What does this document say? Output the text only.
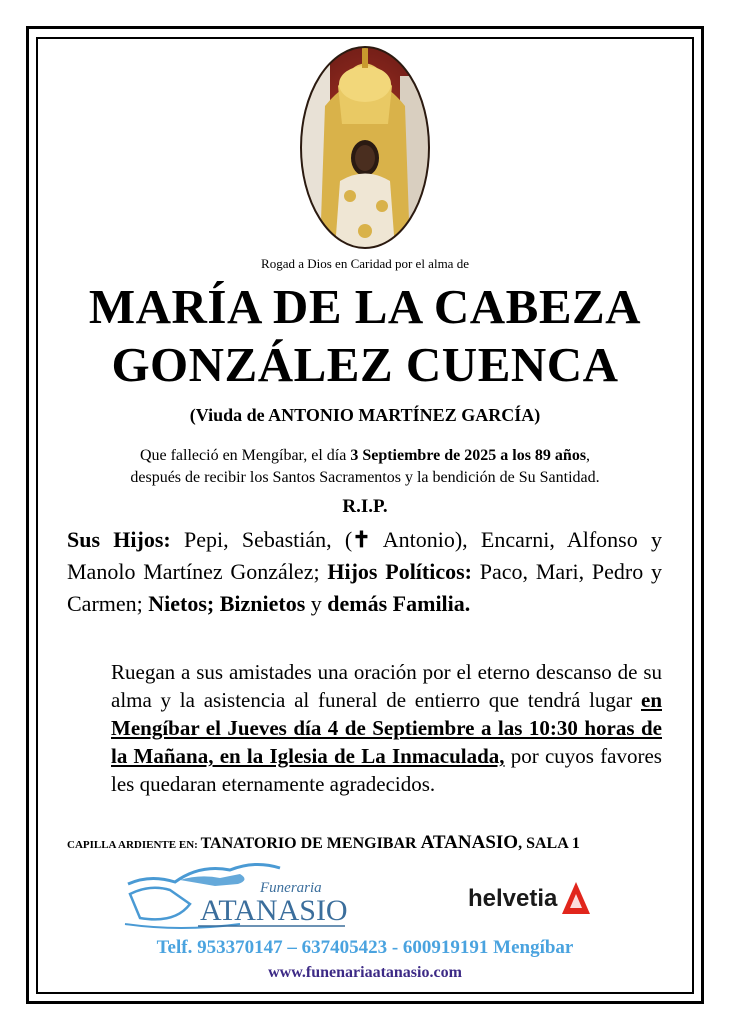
Rogad a Dios en Caridad por el alma de
MARÍA DE LA CABEZA
GONZÁLEZ CUENCA
(Viuda de ANTONIO MARTÍNEZ GARCÍA)
Que falleció en Mengíbar, el día 3 Septiembre de 2025 a los 89 años,
después de recibir los Santos Sacramentos y la bendición de Su Santidad.
R.I.P.
Sus Hijos: Pepi, Sebastián, (✝ Antonio), Encarni, Alfonso y Manolo Martínez González; Hijos Políticos: Paco, Mari, Pedro y Carmen; Nietos; Biznietos y demás Familia.
Ruegan a sus amistades una oración por el eterno descanso de su alma y la asistencia al funeral de entierro que tendrá lugar en Mengíbar el Jueves día 4 de Septiembre a las 10:30 horas de la Mañana, en la Iglesia de La Inmaculada, por cuyos favores les quedaran eternamente agradecidos.
CAPILLA ARDIENTE EN: TANATORIO DE MENGIBAR ATANASIO, SALA 1
Funeraria
ATANASIO	helvetia
Telf. 953370147 – 637405423 - 600919191 Mengíbar
www.funenariaatanasio.com
